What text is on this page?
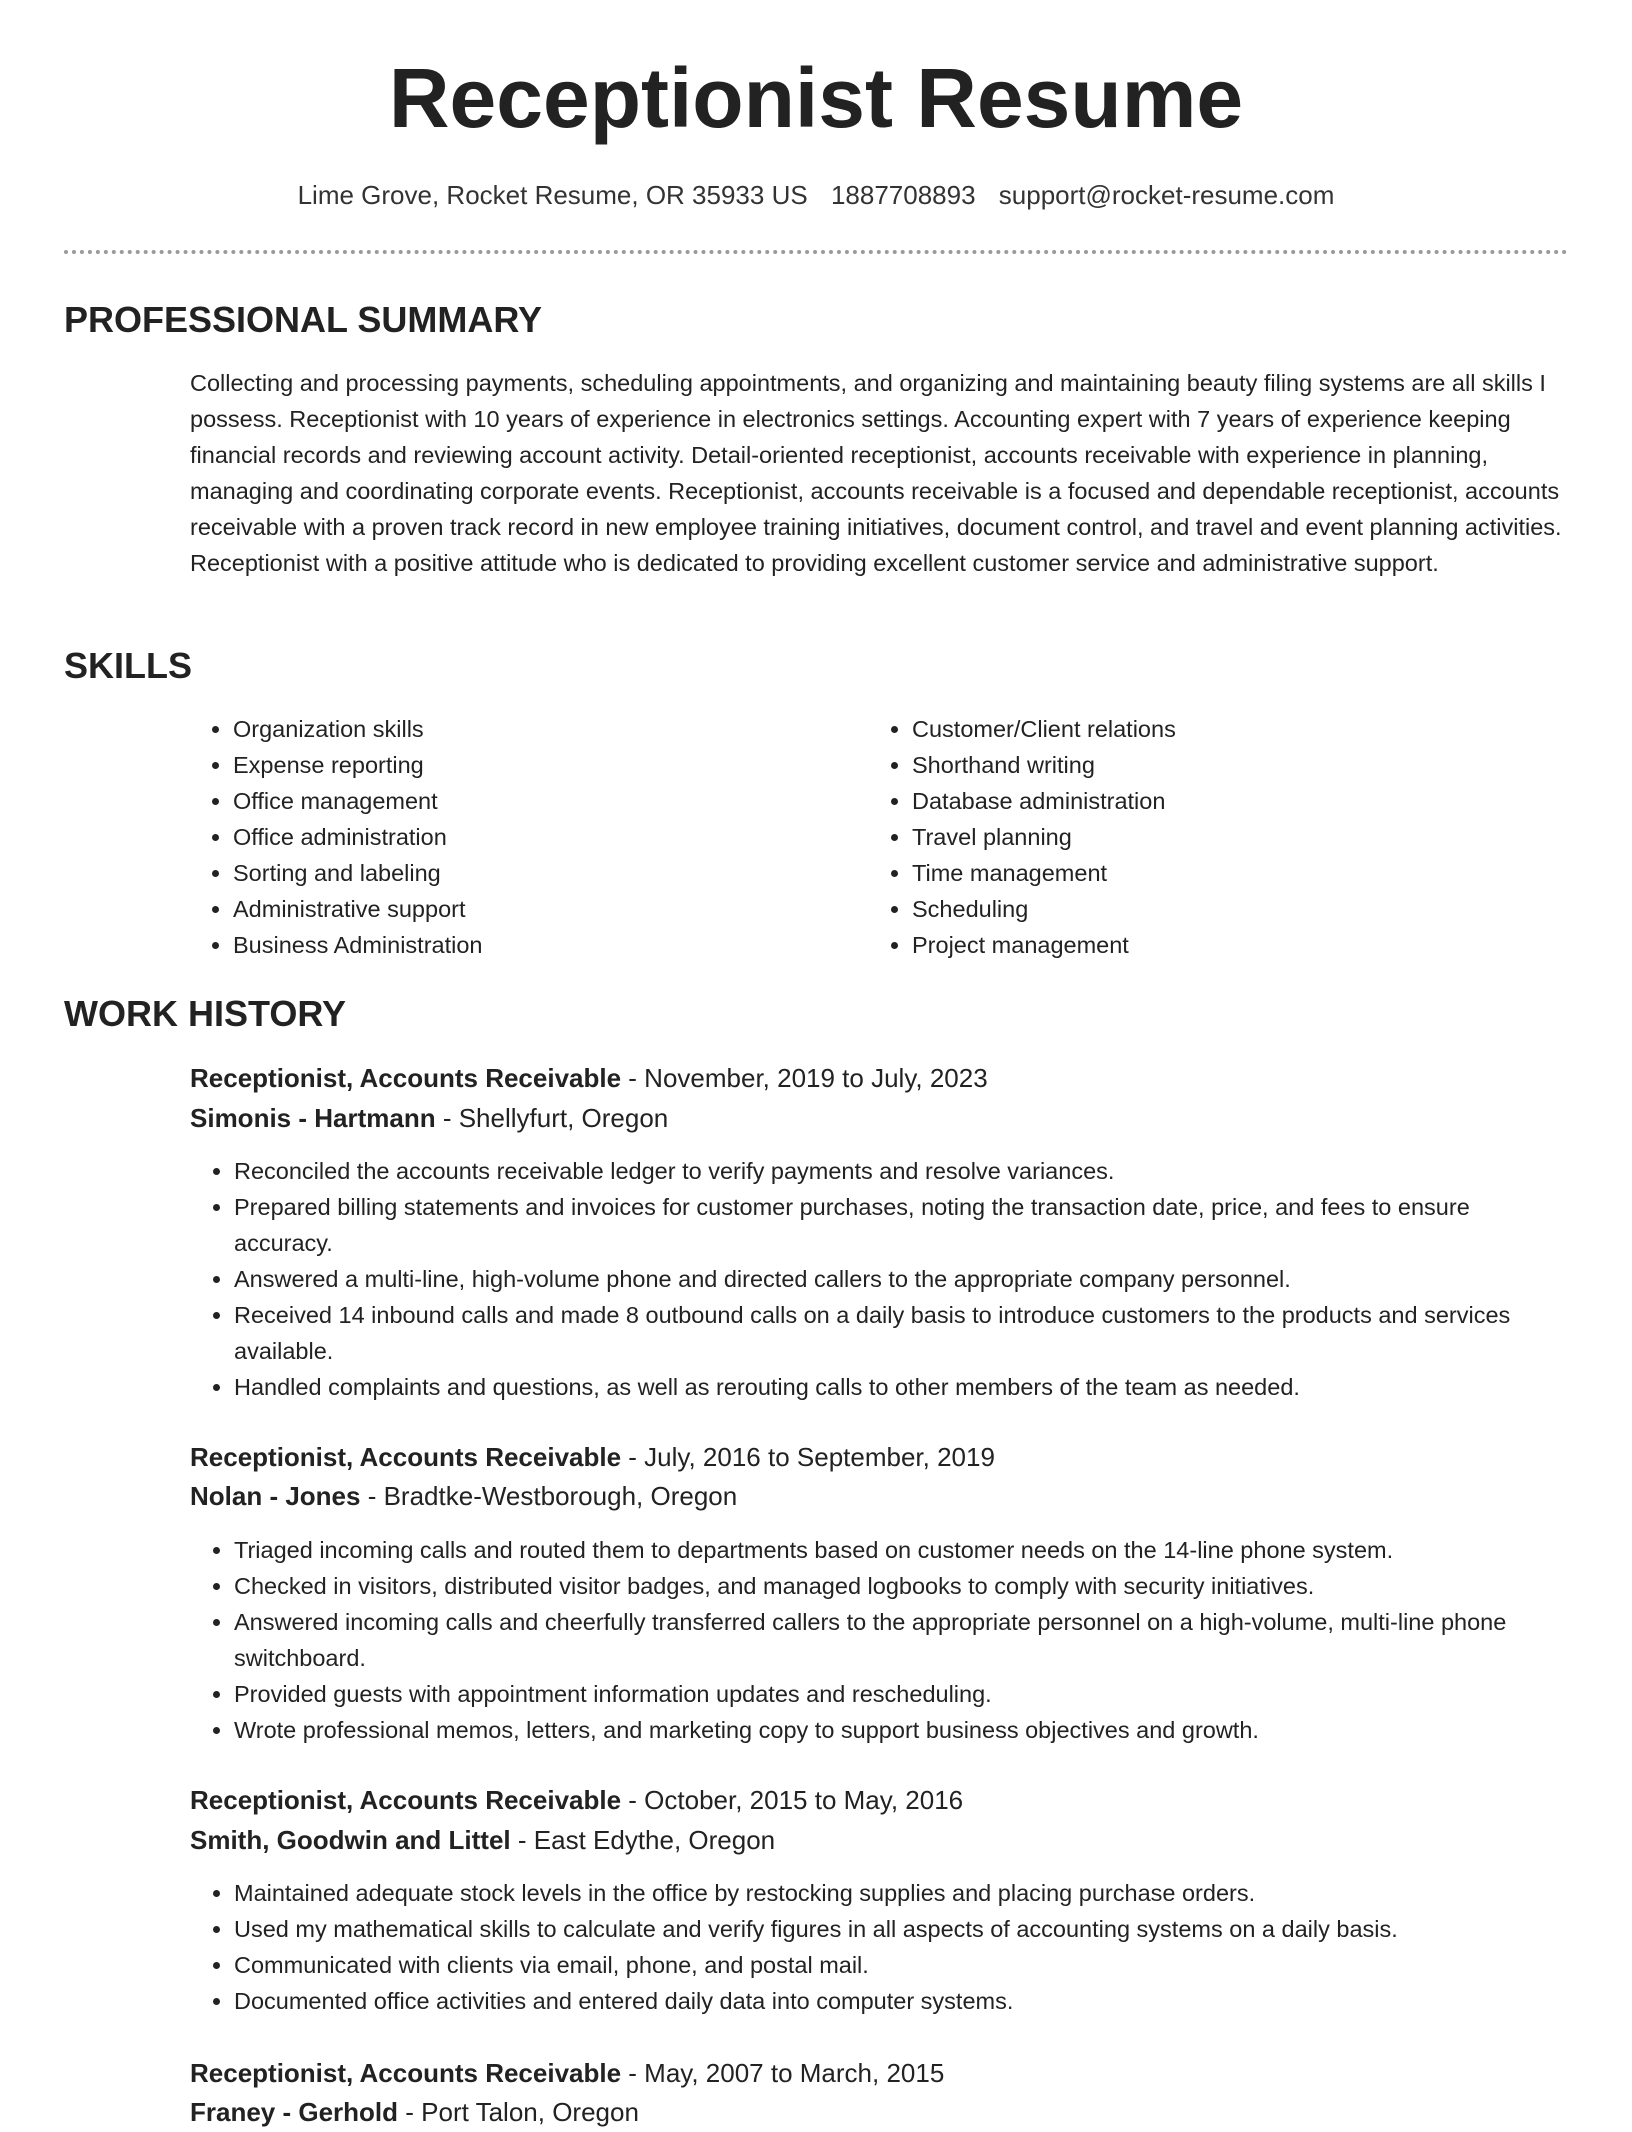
Receptionist Resume
Lime Grove, Rocket Resume, OR 35933 US 1887708893 support@rocket-resume.com
PROFESSIONAL SUMMARY

Collecting and processing payments, scheduling appointments, and organizing and maintaining beauty filing systems are all skills I possess. Receptionist with 10 years of experience in electronics settings. Accounting expert with 7 years of experience keeping financial records and reviewing account activity. Detail-oriented receptionist, accounts receivable with experience in planning, managing and coordinating corporate events. Receptionist, accounts receivable is a focused and dependable receptionist, accounts receivable with a proven track record in new employee training initiatives, document control, and travel and event planning activities. Receptionist with a positive attitude who is dedicated to providing excellent customer service and administrative support.

SKILLS
• Organization skills
• Expense reporting
• Office management
• Office administration
• Sorting and labeling
• Administrative support
• Business Administration
• Customer/Client relations
• Shorthand writing
• Database administration
• Travel planning
• Time management
• Scheduling
• Project management
WORK HISTORY
Receptionist, Accounts Receivable - November, 2019 to July, 2023
Simonis - Hartmann - Shellyfurt, Oregon
• Reconciled the accounts receivable ledger to verify payments and resolve variances.
• Prepared billing statements and invoices for customer purchases, noting the transaction date, price, and fees to ensure accuracy.
• Answered a multi-line, high-volume phone and directed callers to the appropriate company personnel.
• Received 14 inbound calls and made 8 outbound calls on a daily basis to introduce customers to the products and services available.
• Handled complaints and questions, as well as rerouting calls to other members of the team as needed.
Receptionist, Accounts Receivable - July, 2016 to September, 2019
Nolan - Jones - Bradtke-Westborough, Oregon
• Triaged incoming calls and routed them to departments based on customer needs on the 14-line phone system.
• Checked in visitors, distributed visitor badges, and managed logbooks to comply with security initiatives.
• Answered incoming calls and cheerfully transferred callers to the appropriate personnel on a high-volume, multi-line phone switchboard.
• Provided guests with appointment information updates and rescheduling.
• Wrote professional memos, letters, and marketing copy to support business objectives and growth.
Receptionist, Accounts Receivable - October, 2015 to May, 2016
Smith, Goodwin and Littel - East Edythe, Oregon
• Maintained adequate stock levels in the office by restocking supplies and placing purchase orders.
• Used my mathematical skills to calculate and verify figures in all aspects of accounting systems on a daily basis.
• Communicated with clients via email, phone, and postal mail.
• Documented office activities and entered daily data into computer systems.
Receptionist, Accounts Receivable - May, 2007 to March, 2015
Franey - Gerhold - Port Talon, Oregon
